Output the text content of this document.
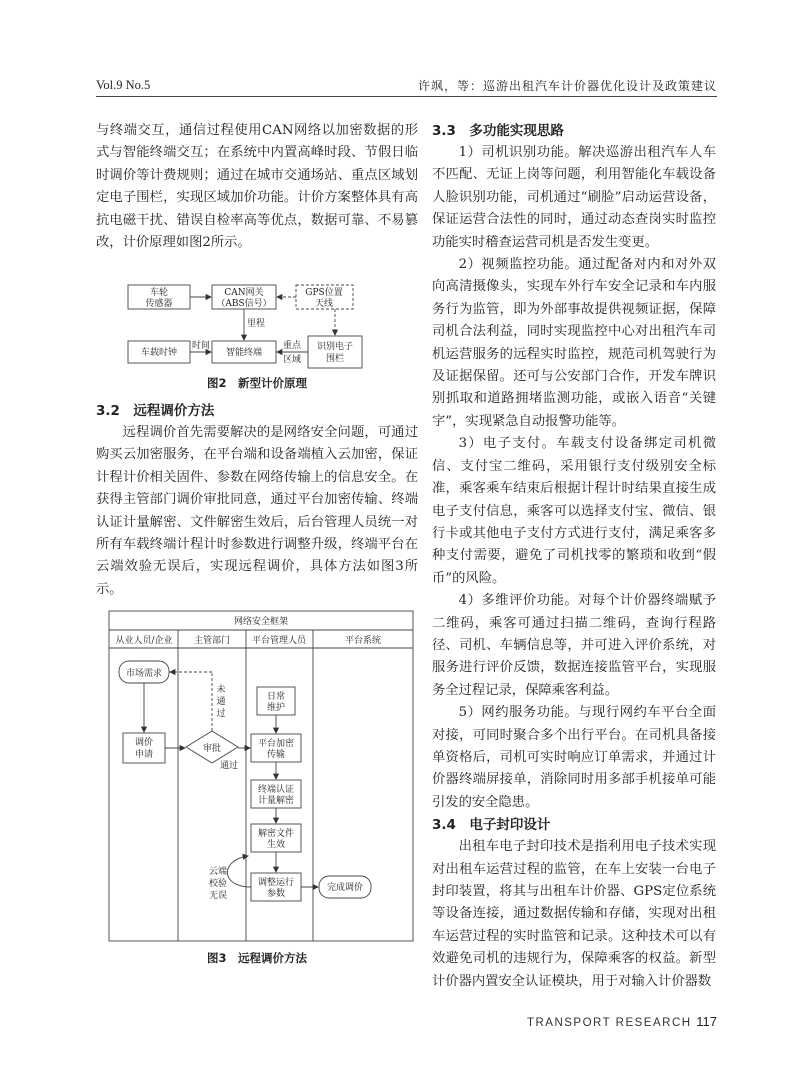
Vol.9 No.5	许飒，等：巡游出租汽车计价器优化设计及政策建议

与终端交互，通信过程使用CAN网络以加密数据的形式与智能终端交互；在系统中内置高峰时段、节假日临时调价等计费规则；通过在城市交通场站、重点区域划定电子围栏，实现区域加价功能。计价方案整体具有高抗电磁干扰、错误自检率高等优点，数据可靠、不易篡改，计价原理如图2所示。

车轮
传感器
CAN网关
（ABS信号）
GPS位置
天线
里程
车载时钟
时间
智能终端
重点
区域
识别电子
围栏
图2　新型计价原理
3.2　远程调价方法

远程调价首先需要解决的是网络安全问题，可通过购买云加密服务，在平台端和设备端植入云加密，保证计程计价相关固件、参数在网络传输上的信息安全。在获得主管部门调价审批同意，通过平台加密传输、终端认证计量解密、文件解密生效后，后台管理人员统一对所有车载终端计程计时参数进行调整升级，终端平台在云端效验无误后，实现远程调价，具体方法如图3所示。

网络安全框架
从业人员/企业 主管部门 平台管理人员	平台系统
市场需求
调价
申请
审批
未
通
过
通过
日常
维护
平台加密
传输
终端认证
计量解密
解密文件
生效
云端
校验
无误
调整运行
参数
完成调价
图3　远程调价方法
3.3　多功能实现思路

1）司机识别功能。解决巡游出租汽车人车不匹配、无证上岗等问题，利用智能化车载设备人脸识别功能，司机通过“刷脸”启动运营设备，保证运营合法性的同时，通过动态查岗实时监控功能实时稽查运营司机是否发生变更。

2）视频监控功能。通过配备对内和对外双向高清摄像头，实现车外行车安全记录和车内服务行为监管，即为外部事故提供视频证据，保障司机合法利益，同时实现监控中心对出租汽车司机运营服务的远程实时监控，规范司机驾驶行为及证据保留。还可与公安部门合作，开发车牌识别抓取和道路拥堵监测功能，或嵌入语音“关键字”，实现紧急自动报警功能等。

3）电子支付。车载支付设备绑定司机微信、支付宝二维码，采用银行支付级别安全标准，乘客乘车结束后根据计程计时结果直接生成电子支付信息，乘客可以选择支付宝、微信、银行卡或其他电子支付方式进行支付，满足乘客多种支付需要，避免了司机找零的繁琐和收到“假币”的风险。

4）多维评价功能。对每个计价器终端赋予二维码，乘客可通过扫描二维码，查询行程路径、司机、车辆信息等，并可进入评价系统，对服务进行评价反馈，数据连接监管平台，实现服务全过程记录，保障乘客利益。

5）网约服务功能。与现行网约车平台全面对接，可同时聚合多个出行平台。在司机具备接单资格后，司机可实时响应订单需求，并通过计价器终端屏接单，消除同时用多部手机接单可能引发的安全隐患。

3.4　电子封印设计

出租车电子封印技术是指利用电子技术实现对出租车运营过程的监管，在车上安装一台电子封印装置，将其与出租车计价器、GPS定位系统等设备连接，通过数据传输和存储，实现对出租车运营过程的实时监管和记录。这种技术可以有效避免司机的违规行为，保障乘客的权益。新型计价器内置安全认证模块，用于对输入计价器数

TRANSPORT RESEARCH 117
